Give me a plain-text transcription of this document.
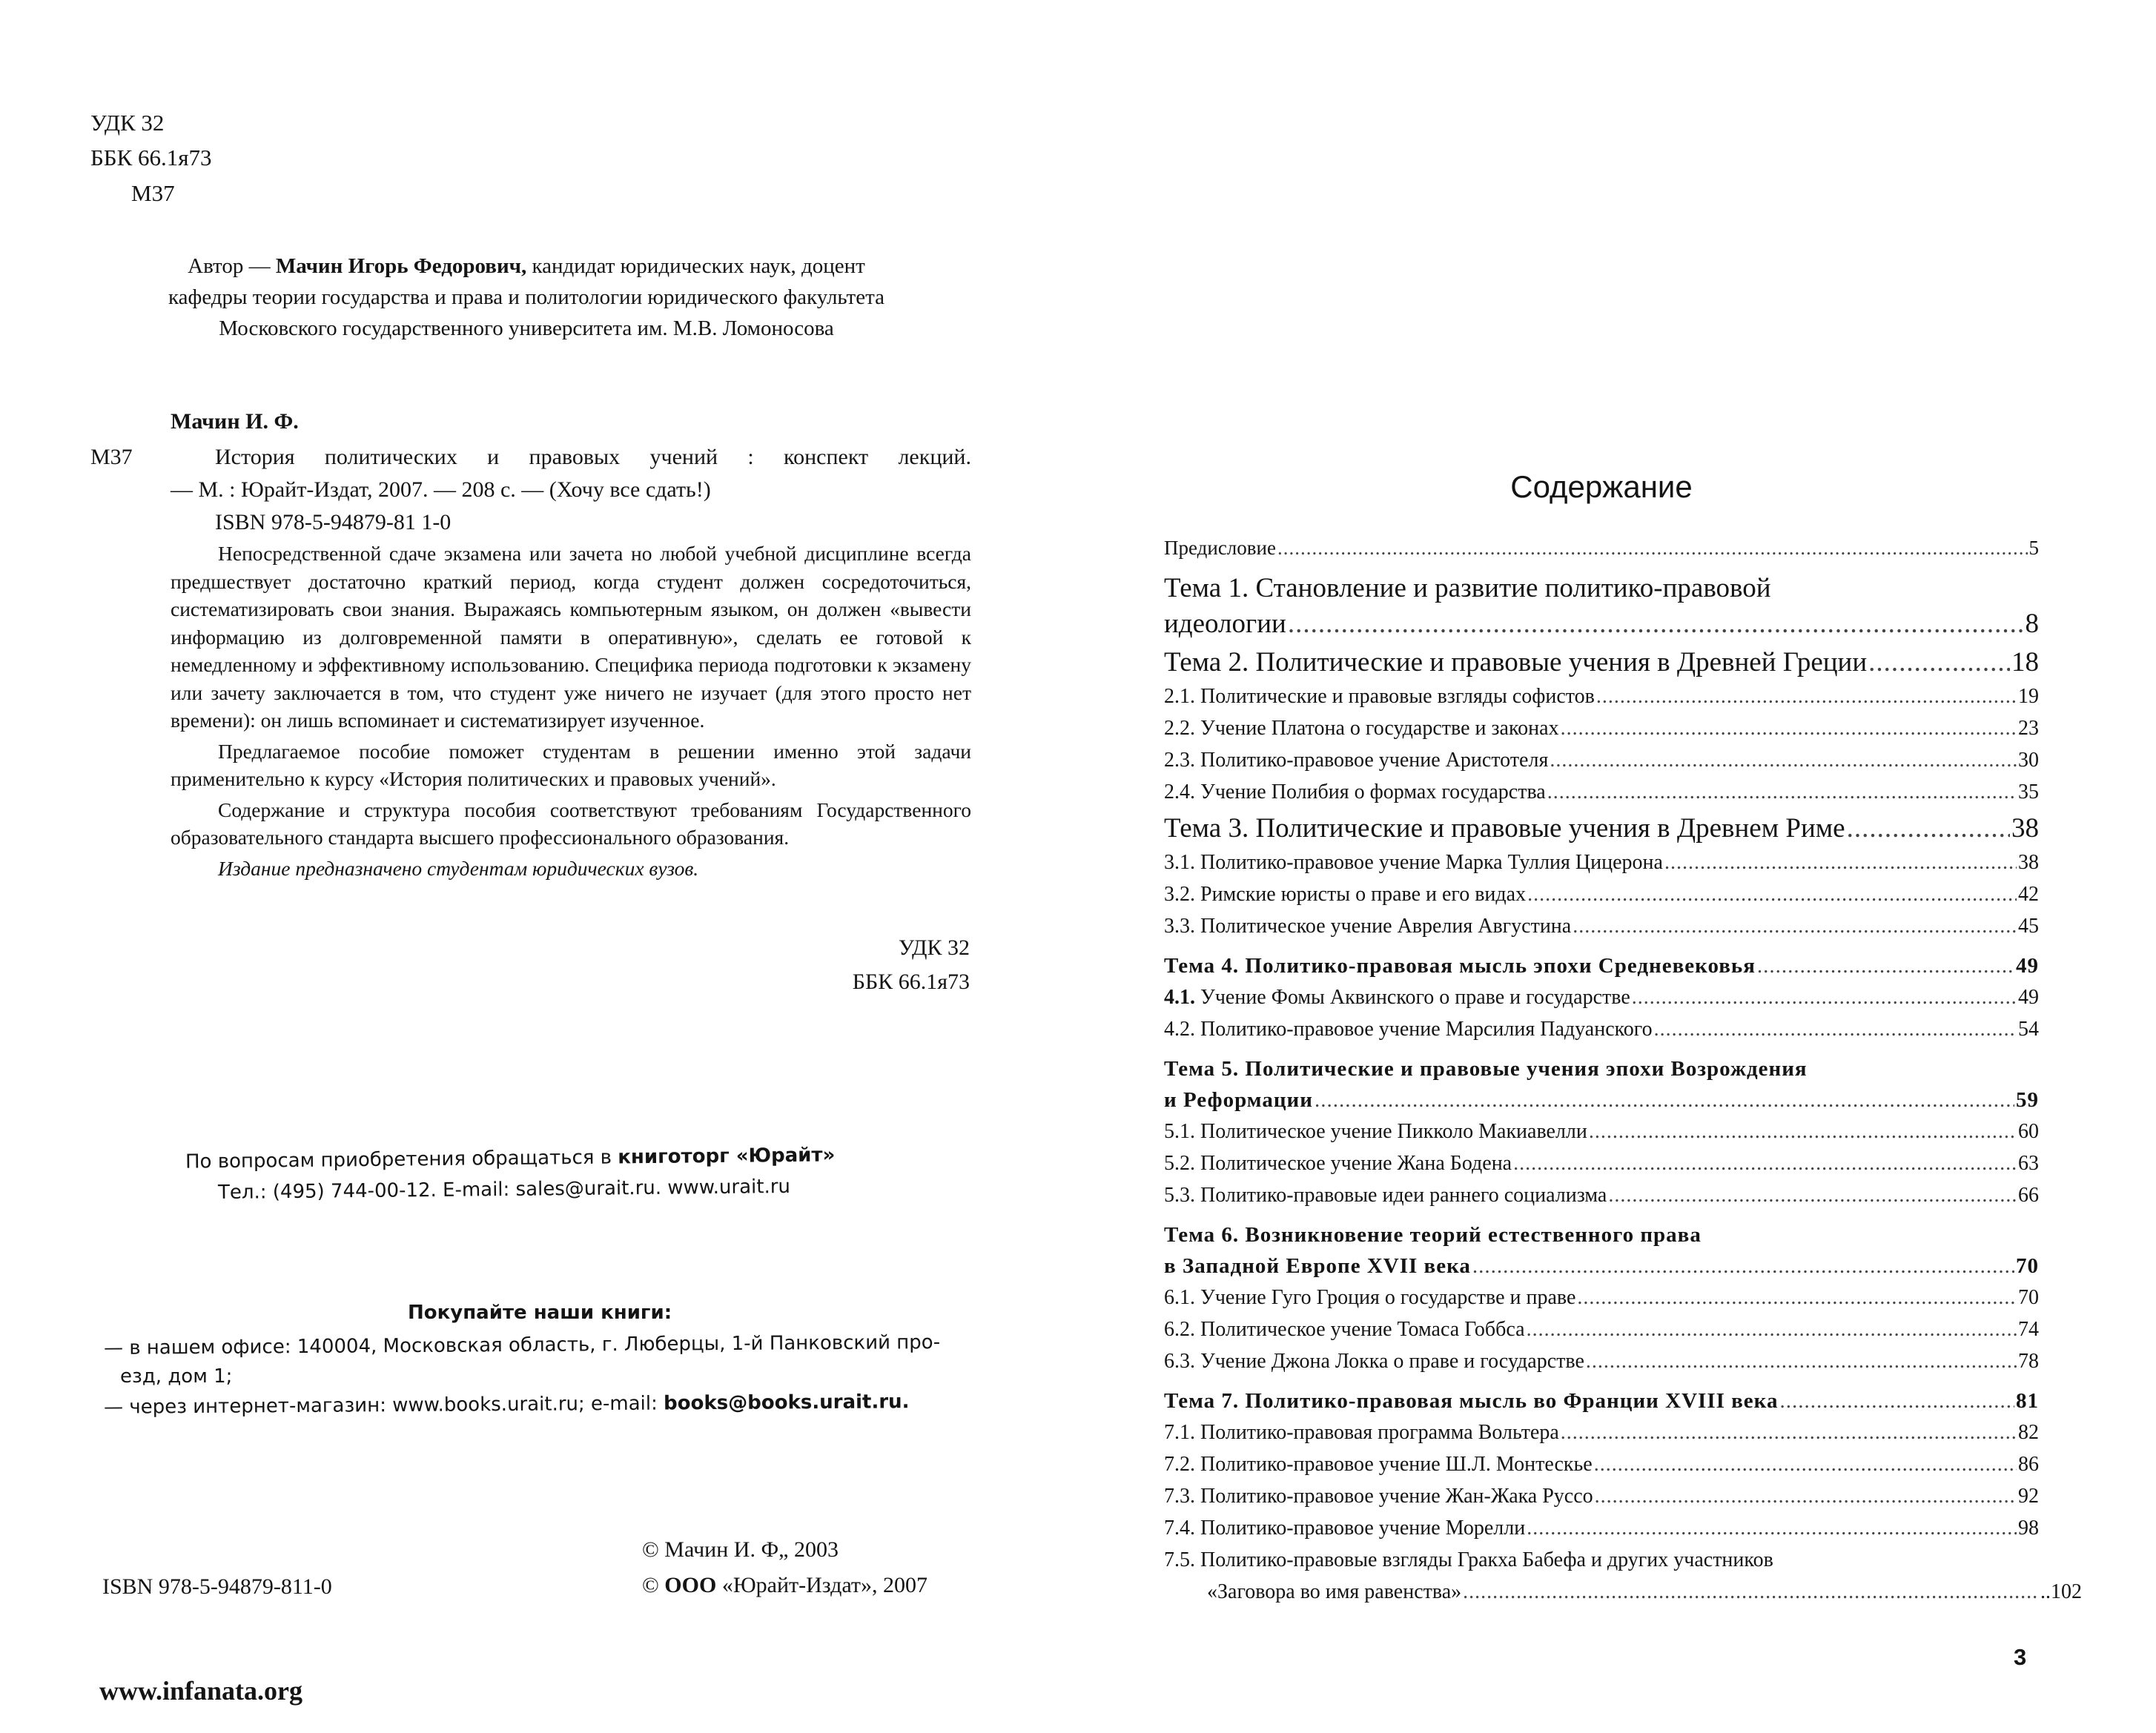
УДК 32
ББК 66.1я73
М37
Автор — Мачин Игорь Федорович, кандидат юридических наук, доцент
кафедры теории государства и права и политологии юридического факультета
Московского государственного университета им. М.В. Ломоносова
Мачин И. Ф.
М37	История политических и правовых учений : конспект лекций.
— М. : Юрайт-Издат, 2007. — 208 с. — (Хочу все сдать!)
ISBN 978-5-94879-81 1-0

Непосредственной сдаче экзамена или зачета но любой учебной дисциплине всегда предшествует достаточно краткий период, когда студент должен сосредоточиться, систематизировать свои знания. Выражаясь компьютерным языком, он должен «вывести информацию из долговременной памяти в оперативную», сделать ее готовой к немедленному и эффективному использованию. Специфика периода подготовки к экзамену или зачету заключается в том, что студент уже ничего не изучает (для этого просто нет времени): он лишь вспоминает и систематизирует изученное.

Предлагаемое пособие поможет студентам в решении именно этой задачи применительно к курсу «История политических и правовых учений».

Содержание и структура пособия соответствуют требованиям Государственного образовательного стандарта высшего профессионального образования.

Издание предназначено студентам юридических вузов.

УДК 32
ББК 66.1я73
По вопросам приобретения обращаться в книготорг «Юрайт»
Тел.: (495) 744-00-12. E-mail: sales@urait.ru. www.urait.ru
Покупайте наши книги:
— в нашем офисе: 140004, Московская область, г. Люберцы, 1-й Панковский про-
езд, дом 1;
— через интернет-магазин: www.books.urait.ru; e-mail: books@books.urait.ru.
© Мачин И. Ф„ 2003
© ООО «Юрайт-Издат», 2007
ISBN 978-5-94879-811-0
www.infanata.org
Содержание
Предисловие .....	5
Тема 1. Становление и развитие политико-правовой
идеологии .....	8
Тема 2. Политические и правовые учения в Древней Греции .....	18
2.1. Политические и правовые взгляды софистов .....	19
2.2. Учение Платона о государстве и законах .....	23
2.3. Политико-правовое учение Аристотеля .....	30
2.4. Учение Полибия о формах государства .....	35
Тема 3. Политические и правовые учения в Древнем Риме .....	38
3.1. Политико-правовое учение Марка Туллия Цицерона .....	38
3.2. Римские юристы о праве и его видах .....	42
3.3. Политическое учение Аврелия Августина .....	45
Тема 4. Политико-правовая мысль эпохи Средневековья .....	49
4.1. Учение Фомы Аквинского о праве и государстве .....	49
4.2. Политико-правовое учение Марсилия Падуанского .....	54
Тема 5. Политические и правовые учения эпохи Возрождения
и Реформации .....	59
5.1. Политическое учение Пикколо Макиавелли .....	60
5.2. Политическое учение Жана Бодена .....	63
5.3. Политико-правовые идеи раннего социализма .....	66
Тема 6. Возникновение теорий естественного права
в Западной Европе XVII века .....	70
6.1. Учение Гуго Гроция о государстве и праве .....	70
6.2. Политическое учение Томаса Гоббса .....	74
6.3. Учение Джона Локка о праве и государстве .....	78
Тема 7. Политико-правовая мысль во Франции XVIII века .....	81
7.1. Политико-правовая программа Вольтера .....	82
7.2. Политико-правовое учение Ш.Л. Монтескье .....	86
7.3. Политико-правовое учение Жан-Жака Руссо .....	92
7.4. Политико-правовое учение Морелли .....	98
7.5. Политико-правовые взгляды Гракха Бабефа и других участников
«Заговора во имя равенства» .....	..102
3
